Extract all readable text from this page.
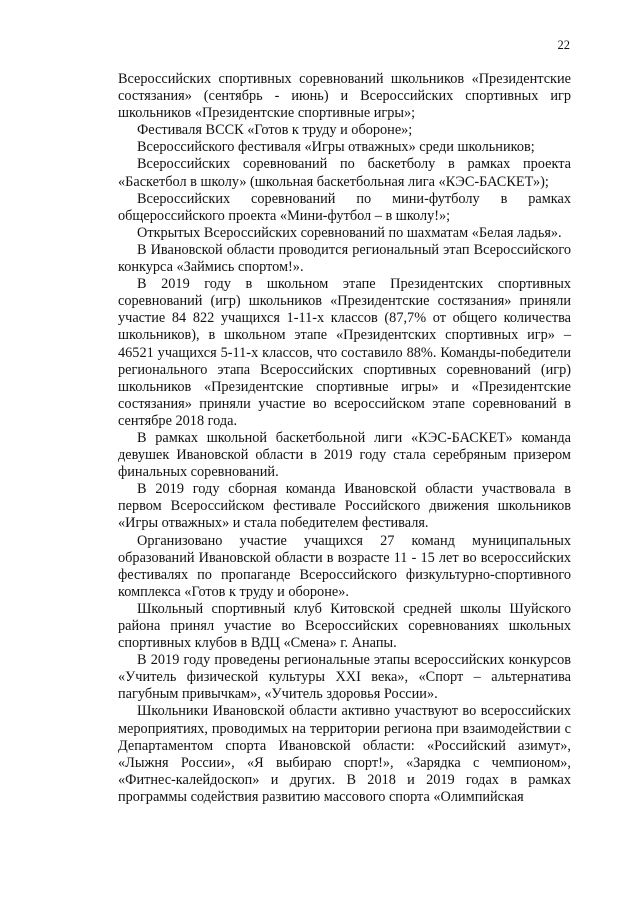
22

Всероссийских спортивных соревнований школьников «Президентские состязания» (сентябрь - июнь) и Всероссийских спортивных игр школьников «Президентские спортивные игры»;

Фестиваля ВССК «Готов к труду и обороне»;

Всероссийского фестиваля «Игры отважных» среди школьников;

Всероссийских соревнований по баскетболу в рамках проекта «Баскетбол в школу» (школьная баскетбольная лига «КЭС-БАСКЕТ»);

Всероссийских соревнований по мини-футболу в рамках общероссийского проекта «Мини-футбол – в школу!»;

Открытых Всероссийских соревнований по шахматам «Белая ладья».

В Ивановской области проводится региональный этап Всероссийского конкурса «Займись спортом!».

В 2019 году в школьном этапе Президентских спортивных соревнований (игр) школьников «Президентские состязания» приняли участие 84 822 учащихся 1-11-х классов (87,7% от общего количества школьников), в школьном этапе «Президентских спортивных игр» – 46521 учащихся 5-11-х классов, что составило 88%. Команды-победители регионального этапа Всероссийских спортивных соревнований (игр) школьников «Президентские спортивные игры» и «Президентские состязания» приняли участие во всероссийском этапе соревнований в сентябре 2018 года.

В рамках школьной баскетбольной лиги «КЭС-БАСКЕТ» команда девушек Ивановской области в 2019 году стала серебряным призером финальных соревнований.

В 2019 году сборная команда Ивановской области участвовала в первом Всероссийском фестивале Российского движения школьников «Игры отважных» и стала победителем фестиваля.

Организовано участие учащихся 27 команд муниципальных образований Ивановской области в возрасте 11 - 15 лет во всероссийских фестивалях по пропаганде Всероссийского физкультурно-спортивного комплекса «Готов к труду и обороне».

Школьный спортивный клуб Китовской средней школы Шуйского района принял участие во Всероссийских соревнованиях школьных спортивных клубов в ВДЦ «Смена» г. Анапы.

В 2019 году проведены региональные этапы всероссийских конкурсов «Учитель физической культуры XXI века», «Спорт – альтернатива пагубным привычкам», «Учитель здоровья России».

Школьники Ивановской области активно участвуют во всероссийских мероприятиях, проводимых на территории региона при взаимодействии с Департаментом спорта Ивановской области: «Российский азимут», «Лыжня России», «Я выбираю спорт!», «Зарядка с чемпионом», «Фитнес-калейдоскоп» и других. В 2018 и 2019 годах в рамках программы содействия развитию массового спорта «Олимпийская
